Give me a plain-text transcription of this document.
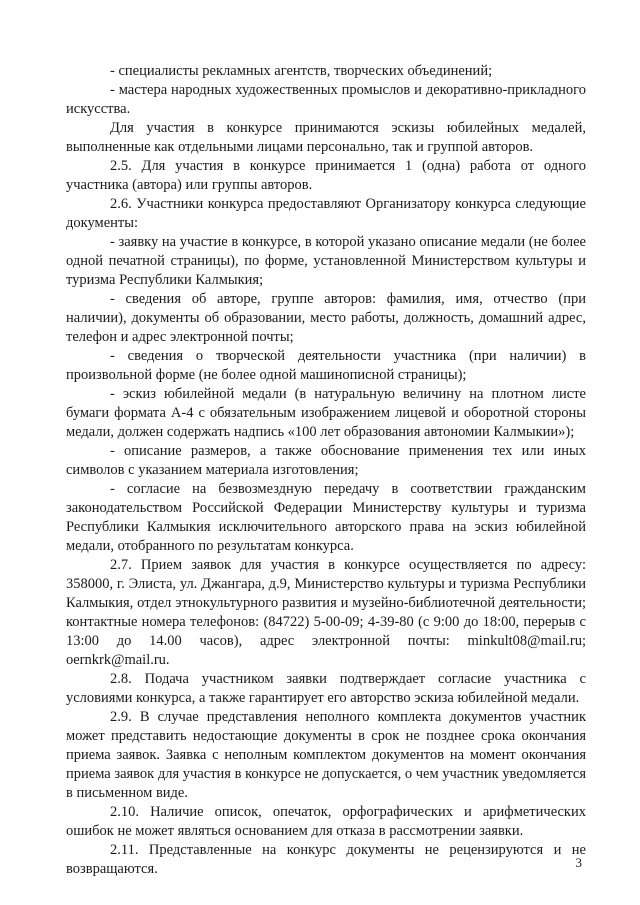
- специалисты рекламных агентств, творческих объединений;

- мастера народных художественных промыслов и декоративно-прикладного искусства.

Для участия в конкурсе принимаются эскизы юбилейных медалей, выполненные как отдельными лицами персонально, так и группой авторов.

2.5. Для участия в конкурсе принимается 1 (одна) работа от одного участника (автора) или группы авторов.

2.6. Участники конкурса предоставляют Организатору конкурса следующие документы:

- заявку на участие в конкурсе, в которой указано описание медали (не более одной печатной страницы), по форме, установленной Министерством культуры и туризма Республики Калмыкия;

- сведения об авторе, группе авторов: фамилия, имя, отчество (при наличии), документы об образовании, место работы, должность, домашний адрес, телефон и адрес электронной почты;

- сведения о творческой деятельности участника (при наличии) в произвольной форме (не более одной машинописной страницы);

- эскиз юбилейной медали (в натуральную величину на плотном листе бумаги формата А-4 с обязательным изображением лицевой и оборотной стороны медали, должен содержать надпись «100 лет образования автономии Калмыкии»);

- описание размеров, а также обоснование применения тех или иных символов с указанием материала изготовления;

- согласие на безвозмездную передачу в соответствии гражданским законодательством Российской Федерации Министерству культуры и туризма Республики Калмыкия исключительного авторского права на эскиз юбилейной медали, отобранного по результатам конкурса.

2.7. Прием заявок для участия в конкурсе осуществляется по адресу: 358000, г. Элиста, ул. Джангара, д.9, Министерство культуры и туризма Республики Калмыкия, отдел этнокультурного развития и музейно-библиотечной деятельности; контактные номера телефонов: (84722) 5-00-09; 4-39-80 (с 9:00 до 18:00, перерыв с 13:00 до 14.00 часов), адрес электронной почты: minkult08@mail.ru; oernkrk@mail.ru.

2.8. Подача участником заявки подтверждает согласие участника с условиями конкурса, а также гарантирует его авторство эскиза юбилейной медали.

2.9. В случае представления неполного комплекта документов участник может представить недостающие документы в срок не позднее срока окончания приема заявок. Заявка с неполным комплектом документов на момент окончания приема заявок для участия в конкурсе не допускается, о чем участник уведомляется в письменном виде.

2.10. Наличие описок, опечаток, орфографических и арифметических ошибок не может являться основанием для отказа в рассмотрении заявки.

2.11. Представленные на конкурс документы не рецензируются и не возвращаются.	3
